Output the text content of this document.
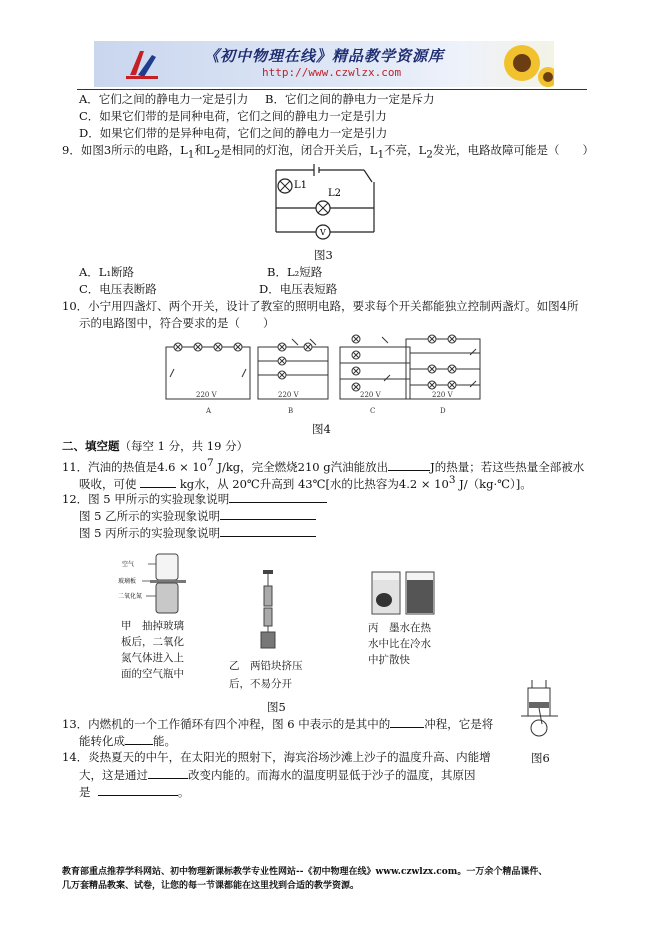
《初中物理在线》精品教学资源库
http://www.czwlzx.com
A．它们之间的静电力一定是引力 B．它们之间的静电力一定是斥力
C．如果它们带的是同种电荷，它们之间的静电力一定是引力
D．如果它们带的是异种电荷，它们之间的静电力一定是引力
9．如图3所示的电路，$L_1$和$L_2$是相同的灯泡，闭合开关后，$L_1$不亮，$L_2$发光，电路故障可能是（　　）
L1
L2
V
图3
A．L₁断路	B．L₂短路
C．电压表断路	D．电压表短路
10．小宁用四盏灯、两个开关，设计了教室的照明电路，要求每个开关都能独立控制两盏灯。如图4所
示的电路图中，符合要求的是（　　）
220 V
A
220 V
B
220 V
C
220 V
D
图4
二、填空题（每空 1 分，共 19 分）
11．汽油的热值是$4.6 \times 10^7$ J/kg，完全燃烧210 g汽油能放出	J的热量；若这些热量全部被水
吸收，可使	kg水，从 20℃升高到 43℃[水的比热容为$4.2 \times 10^3$ J/（kg·℃）]。
12．图 5 甲所示的实验现象说明
图 5 乙所示的实验现象说明
图 5 丙所示的实验现象说明
空气
玻璃板
二氧化氮
甲　抽掉玻璃
板后，二氧化
氮气体进入上
面的空气瓶中
乙　两铅块挤压
后，不易分开
丙　墨水在热
水中比在冷水
中扩散快
图5
13．内燃机的一个工作循环有四个冲程，图 6 中表示的是其中的	冲程，它是将
能转化成 能。
图6
14．炎热夏天的中午，在太阳光的照射下，海宾浴场沙滩上沙子的温度升高、内能增
大，这是通过	改变内能的。而海水的温度明显低于沙子的温度，其原因
是	。
教育部重点推荐学科网站、初中物理新课标教学专业性网站--《初中物理在线》www.czwlzx.com。一万余个精品课件、
几万套精品教案、试卷，让您的每一节课都能在这里找到合适的教学资源。
